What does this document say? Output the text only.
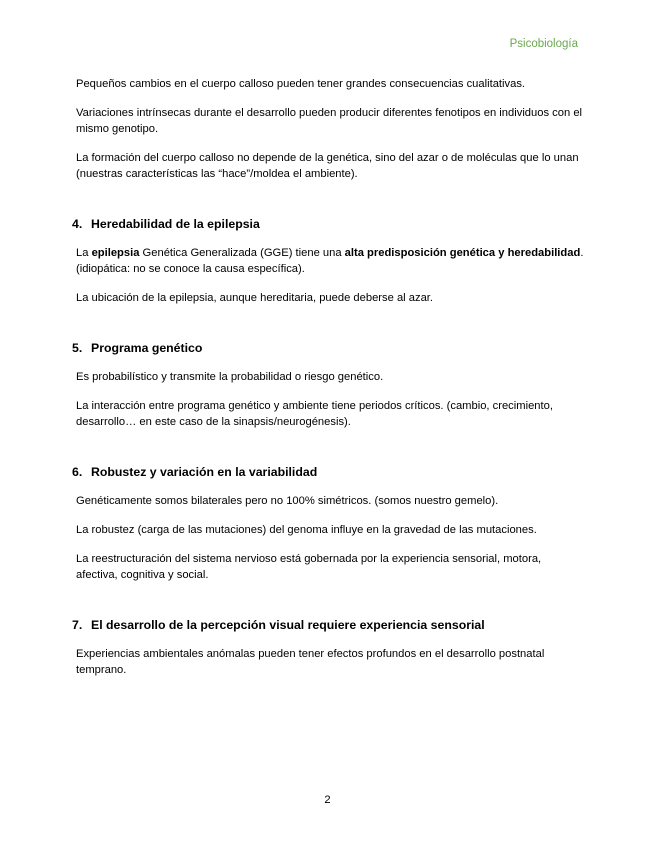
Psicobiología

Pequeños cambios en el cuerpo calloso pueden tener grandes consecuencias cualitativas.

Variaciones intrínsecas durante el desarrollo pueden producir diferentes fenotipos en individuos con el mismo genotipo.

La formación del cuerpo calloso no depende de la genética, sino del azar o de moléculas que lo unan (nuestras características las “hace”/moldea el ambiente).

4. Heredabilidad de la epilepsia

La epilepsia Genética Generalizada (GGE) tiene una alta predisposición genética y heredabilidad. (idiopática: no se conoce la causa específica).

La ubicación de la epilepsia, aunque hereditaria, puede deberse al azar.

5. Programa genético

Es probabilístico y transmite la probabilidad o riesgo genético.

La interacción entre programa genético y ambiente tiene periodos críticos. (cambio, crecimiento, desarrollo… en este caso de la sinapsis/neurogénesis).

6. Robustez y variación en la variabilidad

Genéticamente somos bilaterales pero no 100% simétricos. (somos nuestro gemelo).

La robustez (carga de las mutaciones) del genoma influye en la gravedad de las mutaciones.

La reestructuración del sistema nervioso está gobernada por la experiencia sensorial, motora, afectiva, cognitiva y social.

7. El desarrollo de la percepción visual requiere experiencia sensorial

Experiencias ambientales anómalas pueden tener efectos profundos en el desarrollo postnatal temprano.

2
